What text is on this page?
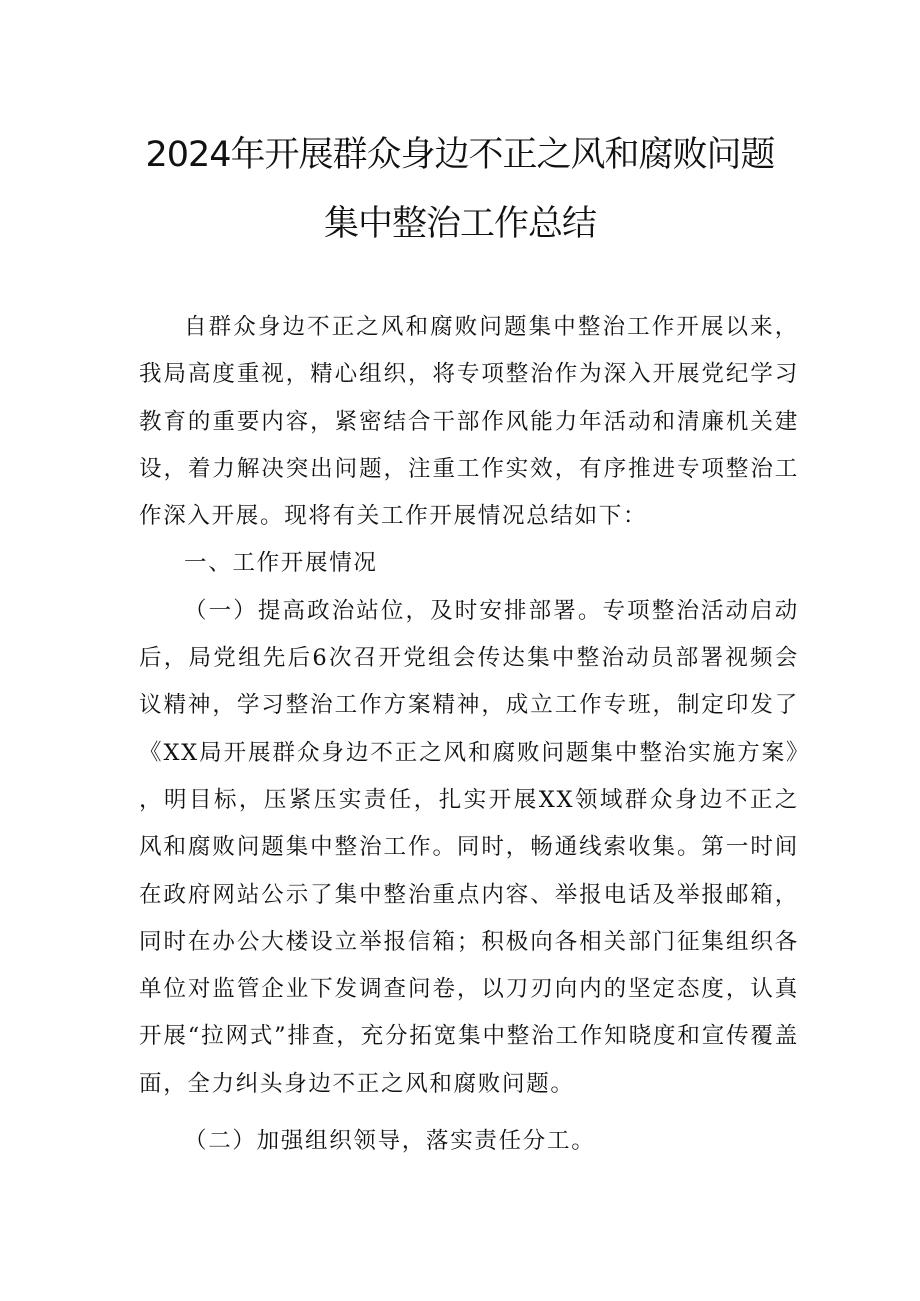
2024年开展群众身边不正之风和腐败问题
集中整治工作总结

自群众身边不正之风和腐败问题集中整治工作开展以来，我局高度重视，精心组织，将专项整治作为深入开展党纪学习教育的重要内容，紧密结合干部作风能力年活动和清廉机关建设，着力解决突出问题，注重工作实效，有序推进专项整治工作深入开展。现将有关工作开展情况总结如下：

一、工作开展情况

（一）提高政治站位，及时安排部署。专项整治活动启动后，局党组先后6次召开党组会传达集中整治动员部署视频会议精神，学习整治工作方案精神，成立工作专班，制定印发了《XX局开展群众身边不正之风和腐败问题集中整治实施方案》，明目标，压紧压实责任，扎实开展XX领域群众身边不正之风和腐败问题集中整治工作。同时，畅通线索收集。第一时间在政府网站公示了集中整治重点内容、举报电话及举报邮箱，同时在办公大楼设立举报信箱；积极向各相关部门征集组织各单位对监管企业下发调查问卷，以刀刃向内的坚定态度，认真开展“拉网式”排查，充分拓宽集中整治工作知晓度和宣传覆盖面，全力纠头身边不正之风和腐败问题。

（二）加强组织领导，落实责任分工。
